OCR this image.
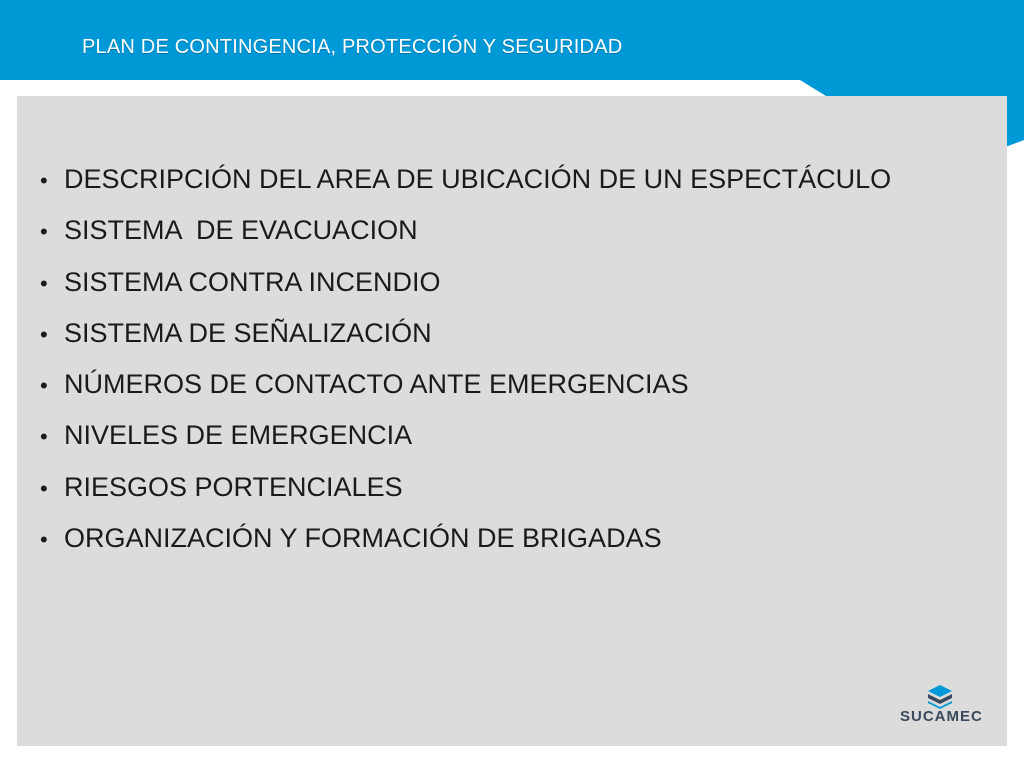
PLAN DE CONTINGENCIA, PROTECCIÓN Y SEGURIDAD
• DESCRIPCIÓN DEL AREA DE UBICACIÓN DE UN ESPECTÁCULO
• SISTEMA  DE EVACUACION
• SISTEMA CONTRA INCENDIO
• SISTEMA DE SEÑALIZACIÓN
• NÚMEROS DE CONTACTO ANTE EMERGENCIAS
• NIVELES DE EMERGENCIA
• RIESGOS PORTENCIALES
• ORGANIZACIÓN Y FORMACIÓN DE BRIGADAS
SUCAMEC
